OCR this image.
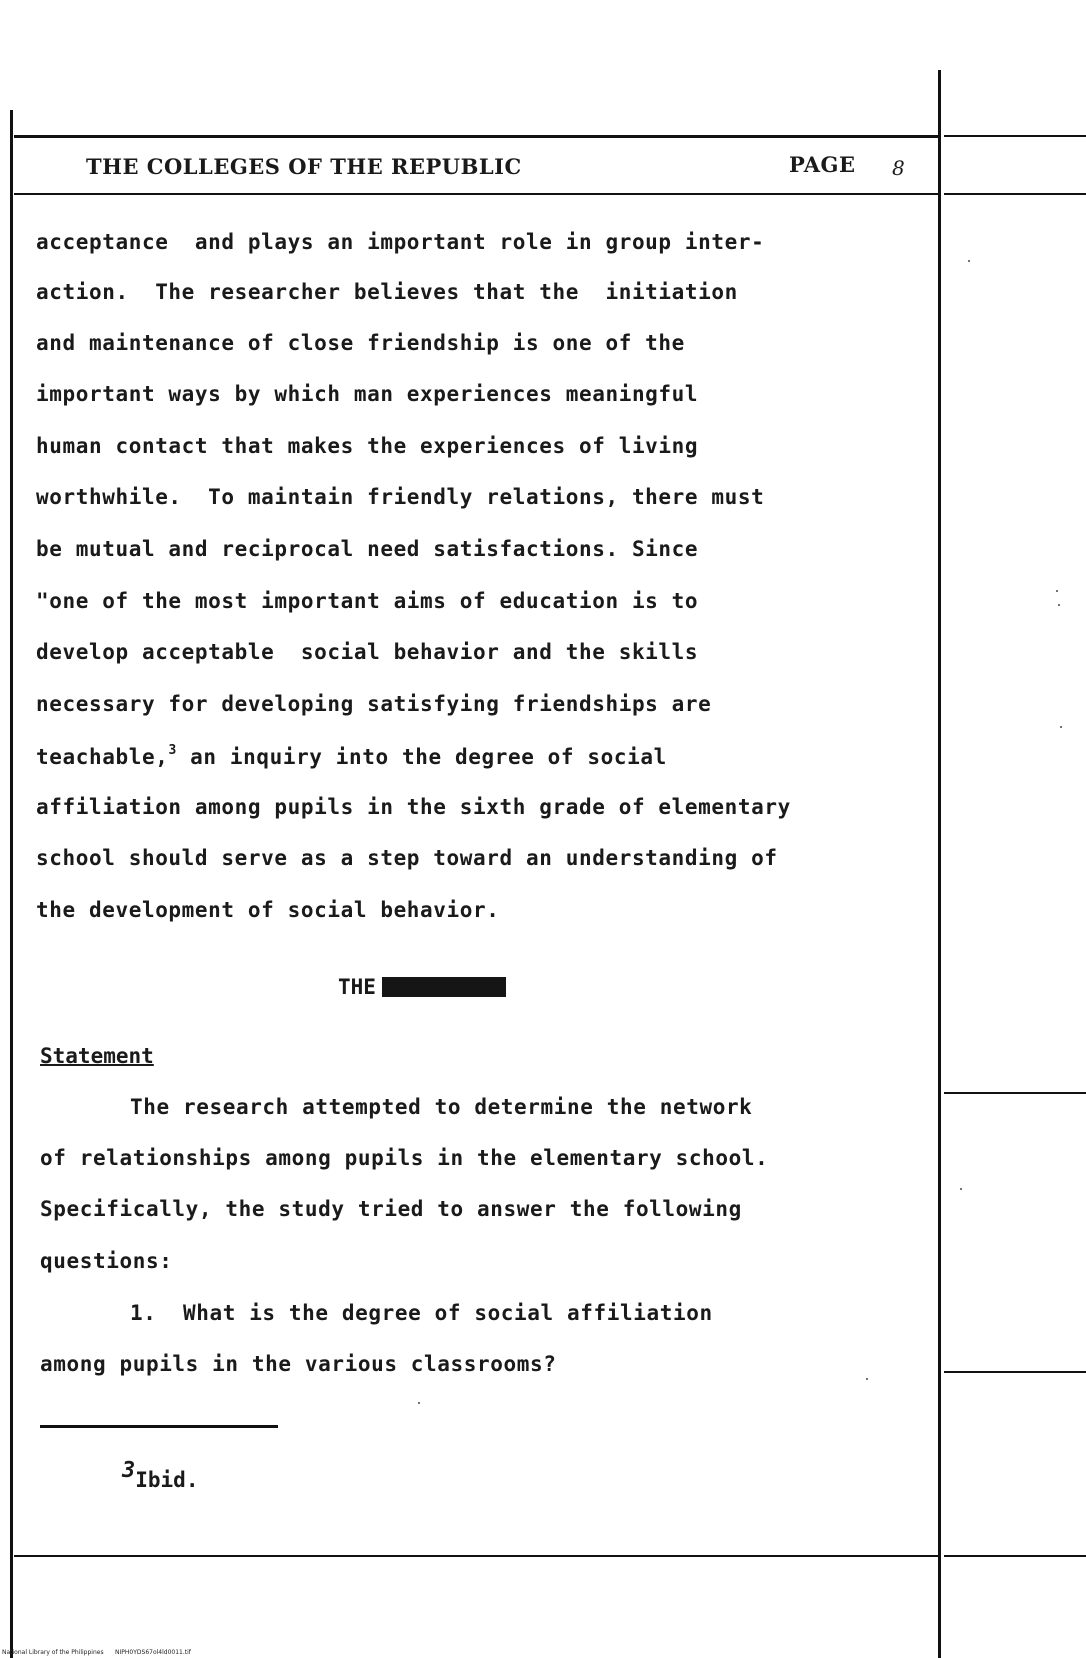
THE COLLEGES OF THE REPUBLIC	PAGE 8
acceptance  and plays an important role in group inter-
action.  The researcher believes that the  initiation
and maintenance of close friendship is one of the
important ways by which man experiences meaningful
human contact that makes the experiences of living
worthwhile.  To maintain friendly relations, there must
be mutual and reciprocal need satisfactions. Since
"one of the most important aims of education is to
develop acceptable  social behavior and the skills
necessary for developing satisfying friendships are
teachable,$^3$ an inquiry into the degree of social
affiliation among pupils in the sixth grade of elementary
school should serve as a step toward an understanding of
the development of social behavior.
THE
Statement
The research attempted to determine the network
of relationships among pupils in the elementary school.
Specifically, the study tried to answer the following
questions:
1.  What is the degree of social affiliation
among pupils in the various classrooms?
3Ibid.
National Library of the Philippines NIPH0YDS67ol4ld0011.tif
